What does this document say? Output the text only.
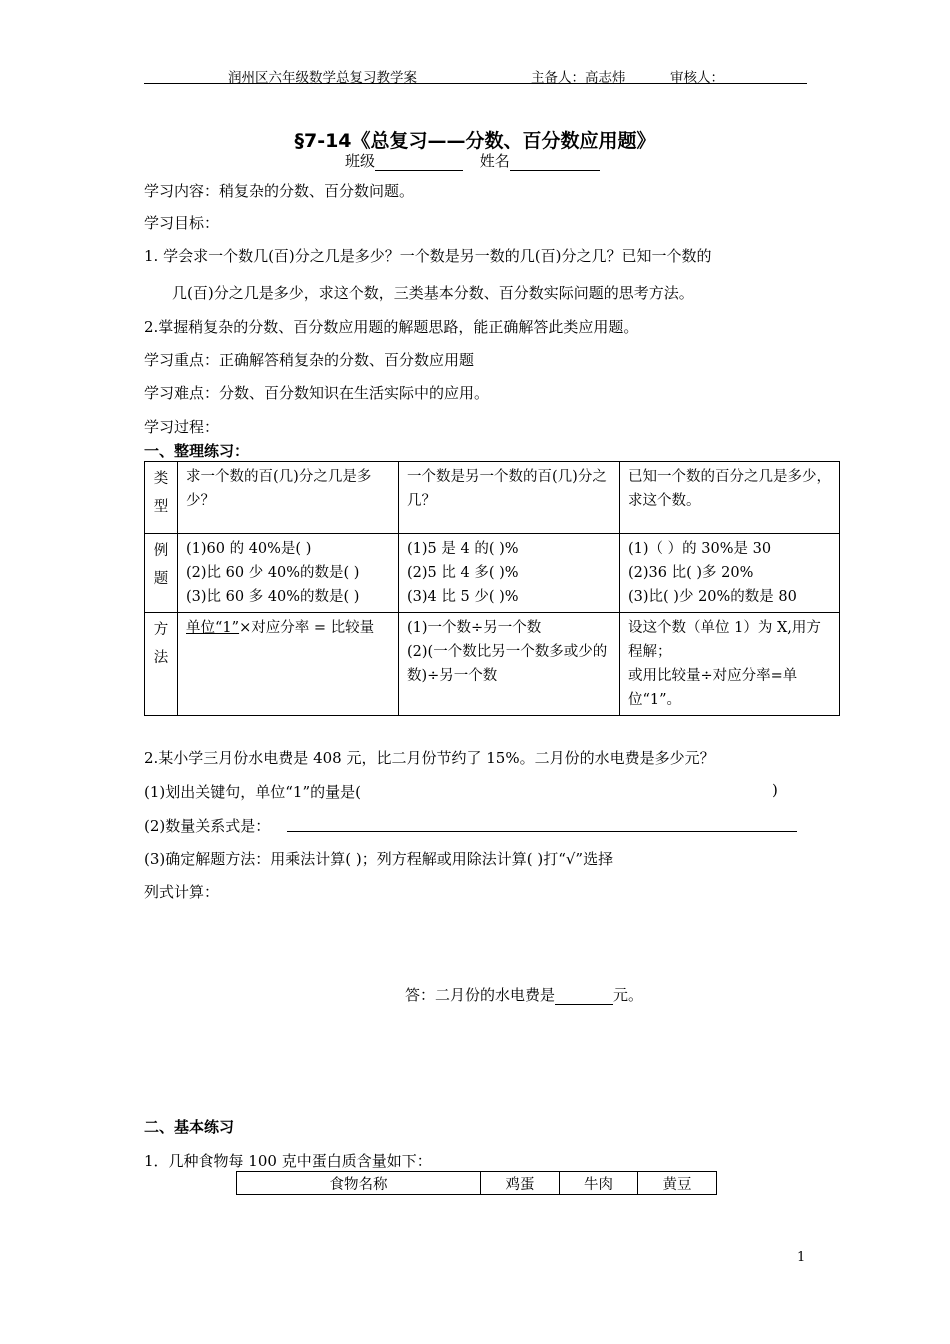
润州区六年级数学总复习教学案	主备人：高志炜	审核人：
§7-14《总复习——分数、百分数应用题》
班级	姓名
学习内容：稍复杂的分数、百分数问题。
学习目标：
1. 学会求一个数几(百)分之几是多少？一个数是另一数的几(百)分之几？已知一个数的
几(百)分之几是多少，求这个数，三类基本分数、百分数实际问题的思考方法。
2.掌握稍复杂的分数、百分数应用题的解题思路，能正确解答此类应用题。
学习重点：正确解答稍复杂的分数、百分数应用题
学习难点：分数、百分数知识在生活实际中的应用。
学习过程：
一、整理练习：
类
型	求一个数的百(几)分之几是多少？	一个数是另一个数的百(几)分之几？	已知一个数的百分之几是多少，求这个数。
例
题	(1)60 的 40%是( )
(2)比 60 少 40%的数是( )
(3)比 60 多 40%的数是( )	(1)5 是 4 的( )%
(2)5 比 4 多( )%
(3)4 比 5 少( )%	(1)（ ）的 30%是 30
(2)36 比( )多 20%
(3)比( )少 20%的数是 80
方
法	单位“1”×对应分率 = 比较量	(1)一个数÷另一个数
(2)(一个数比另一个数多或少的数)÷另一个数	设这个数（单位 1）为 X,用方程解；
或用比较量÷对应分率=单位“1”。
2.某小学三月份水电费是 408 元，比二月份节约了 15%。二月份的水电费是多少元？
(1)划出关键句，单位“1”的量是(	)
(2)数量关系式是：
(3)确定解题方法：用乘法计算( )；列方程解或用除法计算( )打“√”选择
列式计算：
答：二月份的水电费是	元。
二、基本练习
1．几种食物每 100 克中蛋白质含量如下：
食物名称	鸡蛋	牛肉	黄豆
1
